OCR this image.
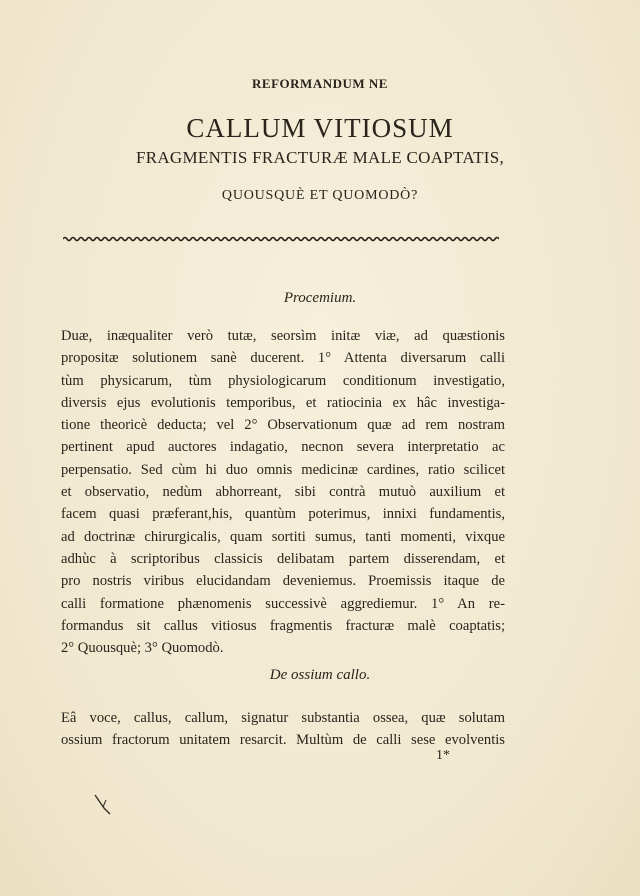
REFORMANDUM NE
CALLUM VITIOSUM
FRAGMENTIS FRACTURÆ MALE COAPTATIS,
QUOUSQUÈ ET QUOMODÒ?
Procemium.
Duæ, inæqualiter verò tutæ, seorsìm initæ viæ, ad quæstionis
propositæ solutionem sanè ducerent. 1° Attenta diversarum calli
tùm physicarum, tùm physiologicarum conditionum investigatio,
diversis ejus evolutionis temporibus, et ratiocinia ex hâc investiga-
tione theoricè deducta; vel 2° Observationum quæ ad rem nostram
pertinent apud auctores indagatio, necnon severa interpretatio ac
perpensatio. Sed cùm hi duo omnis medicinæ cardines, ratio scilicet
et observatio, nedùm abhorreant, sibi contrà mutuò auxilium et
facem quasi præferant,his, quantùm poterimus, innixi fundamentis,
ad doctrinæ chirurgicalis, quam sortiti sumus, tanti momenti, vixque
adhùc à scriptoribus classicis delibatam partem disserendam, et
pro nostris viribus elucidandam deveniemus. Proemissis itaque de
calli formatione phænomenis successivè aggrediemur. 1° An re-
formandus sit callus vitiosus fragmentis fracturæ malè coaptatis;
2° Quousquè; 3° Quomodò.
De ossium callo.
Eâ voce, callus, callum, signatur substantia ossea, quæ solutam
ossium fractorum unitatem resarcit. Multùm de calli sese evolventis
1*
